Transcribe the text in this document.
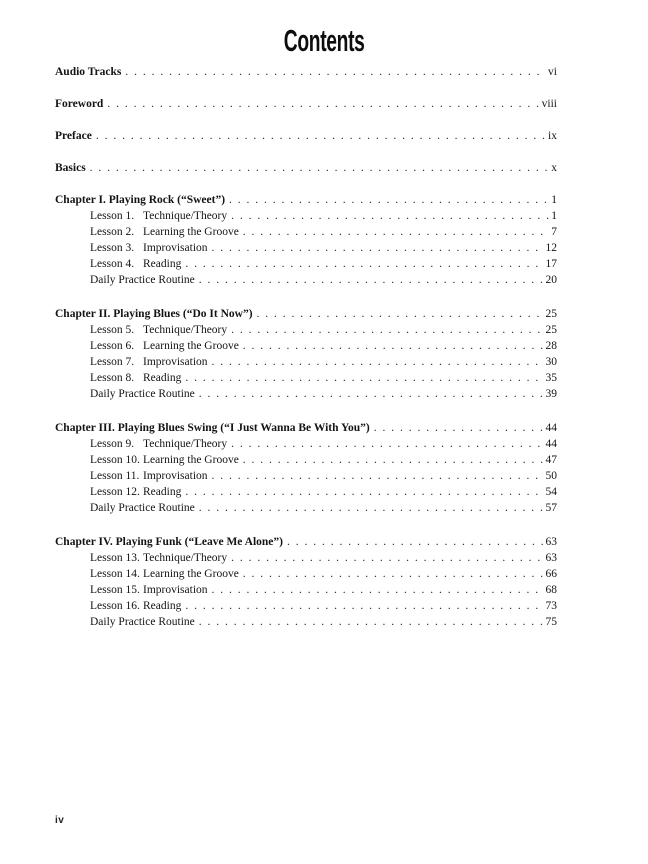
Contents
Audio Tracks . . .	vi
Foreword . . .	viii
Preface . . .	ix
Basics . . .	x
Chapter I. Playing Rock (“Sweet”) . . .	1
Lesson 1. Technique/Theory . . .	1
Lesson 2. Learning the Groove . . .	7
Lesson 3. Improvisation . . .	12
Lesson 4. Reading . . .	17
Daily Practice Routine . . .	20
Chapter II. Playing Blues (“Do It Now”) . . .	25
Lesson 5. Technique/Theory . . .	25
Lesson 6. Learning the Groove . . .	28
Lesson 7. Improvisation . . .	30
Lesson 8. Reading . . .	35
Daily Practice Routine . . .	39
Chapter III. Playing Blues Swing (“I Just Wanna Be With You”) . . .	44
Lesson 9. Technique/Theory . . .	44
Lesson 10. Learning the Groove . . .	47
Lesson 11. Improvisation . . .	50
Lesson 12. Reading . . .	54
Daily Practice Routine . . .	57
Chapter IV. Playing Funk (“Leave Me Alone”) . . .	63
Lesson 13. Technique/Theory . . .	63
Lesson 14. Learning the Groove . . .	66
Lesson 15. Improvisation . . .	68
Lesson 16. Reading . . .	73
Daily Practice Routine . . .	75
iv
